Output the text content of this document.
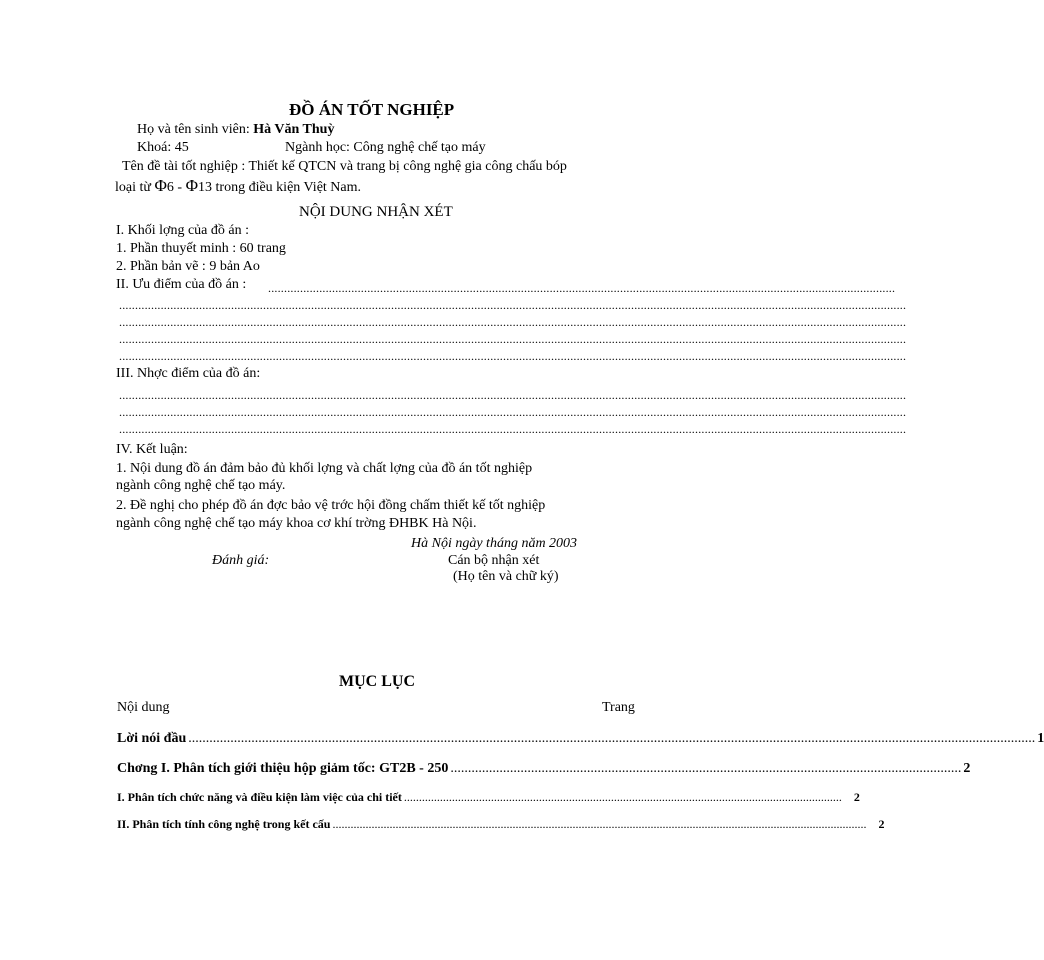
ĐỒ ÁN TỐT NGHIỆP
Họ và tên sinh viên: Hà Văn Thuỳ
Khoá: 45	Ngành học: Công nghệ chế tạo máy
Tên đề tài tốt nghiệp : Thiết kế QTCN và trang bị công nghệ gia công chấu bóp
loại từ Φ6 - Φ13 trong điều kiện Việt Nam.
NỘI DUNG NHẬN XÉT
I. Khối lợng của đồ án :
1. Phần thuyết minh : 60 trang
2. Phần bản vẽ : 9 bản Ao
II. Ưu điểm của đồ án : ....................................................................................................................................................................................................
......................................................................................................................................................................................................................................................
......................................................................................................................................................................................................................................................
......................................................................................................................................................................................................................................................
......................................................................................................................................................................................................................................................
III. Nhợc điểm của đồ án:
......................................................................................................................................................................................................................................................
......................................................................................................................................................................................................................................................
......................................................................................................................................................................................................................................................
IV. Kết luận:
1. Nội dung đồ án đảm bảo đủ khối lợng và chất lợng của đồ án tốt nghiệp
ngành công nghệ chế tạo máy.
2. Đề nghị cho phép đồ án đợc bảo vệ trớc hội đồng chấm thiết kế tốt nghiệp
ngành công nghệ chế tạo máy khoa cơ khí trờng ĐHBK Hà Nội.
Hà Nội ngày tháng năm 2003
Đánh giá:	Cán bộ nhận xét
(Họ tên và chữ ký)
MỤC LỤC
Nội dung	Trang
Lời nói đầu .................................................................................................................................................................................................................................................. 1
Chơng I. Phân tích giới thiệu hộp giảm tốc: GT2B - 250 .................................................................................................................................................. 2
I. Phân tích chức năng và điều kiện làm việc của chi tiết .................................................................................................................................................. 2
II. Phân tích tính công nghệ trong kết cấu .................................................................................................................................................................................. 2
